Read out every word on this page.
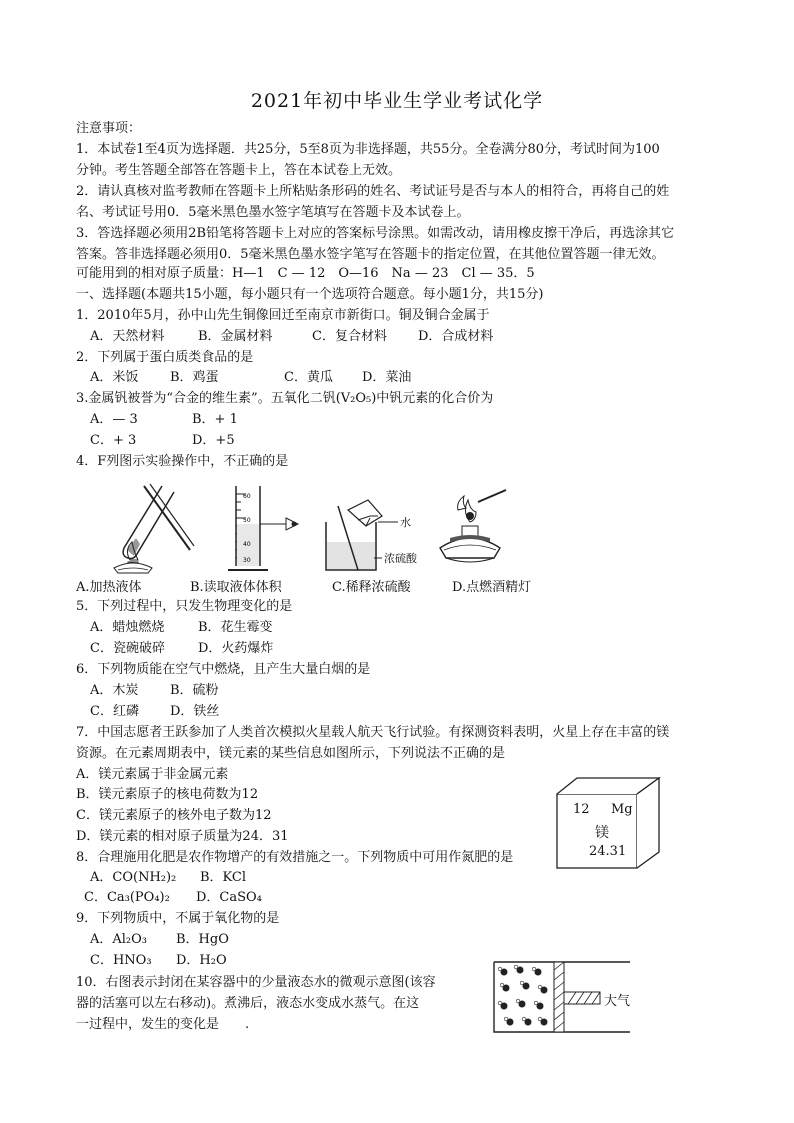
2021年初中毕业生学业考试化学
注意事项：
1．本试卷1至4页为选择题．共25分，5至8页为非选择题，共55分。全卷满分80分，考试时间为100
分钟。考生答题全部答在答题卡上，答在本试卷上无效。
2．请认真核对监考教师在答题卡上所粘贴条形码的姓名、考试证号是否与本人的相符合，再将自己的姓
名、考试证号用0．5毫米黑色墨水签字笔填写在答题卡及本试卷上。
3．答选择题必须用2B铅笔将答题卡上对应的答案标号涂黑。如需改动，请用橡皮擦干净后，再选涂其它
答案。答非选择题必须用0．5毫米黑色墨水签字笔写在答题卡的指定位置，在其他位置答题一律无效。
可能用到的相对原子质量：H—1　C — 12　O—16　Na — 23　Cl — 35．5
一、选择题(本题共15小题，每小题只有一个选项符合题意。每小题1分，共15分)
1．2010年5月，孙中山先生铜像回迁至南京市新街口。铜及铜合金属于
A．天然材料	B．金属材料	C．复合材料 D．合成材料
2．下列属于蛋白质类食品的是
A．米饭 B．鸡蛋	C．黄瓜 D．菜油
3.金属钒被誉为“合金的维生素”。五氧化二钒(V₂O₅)中钒元素的化合价为
A．— 3	B．+ 1
C．+ 3	D．+5
4．F列图示实验操作中，不正确的是
A.加热液体
60
50
40
30
B.读取液体体积
水
浓硫酸
C.稀释浓硫酸	D.点燃酒精灯
5．下列过程中，只发生物理变化的是
A．蜡烛燃烧	B．花生霉变
C．瓷碗破碎	D．火药爆炸
6．下列物质能在空气中燃烧，且产生大量白烟的是
A．木炭 B．硫粉
C．红磷 D．铁丝
7．中国志愿者王跃参加了人类首次模拟火星载人航天飞行试验。有探测资料表明，火星上存在丰富的镁
资源。在元素周期表中，镁元素的某些信息如图所示，下列说法不正确的是
A．镁元素属于非金属元素
B．镁元素原子的核电荷数为12
C．镁元素原子的核外电子数为12
D．镁元素的相对原子质量为24．31
12 Mg
镁
24.31
8．合理施用化肥是农作物增产的有效措施之一。下列物质中可用作氮肥的是
A．CO(NH₂)₂ B．KCl
C．Ca₃(PO₄)₂ D．CaSO₄
9．下列物质中，不属于氧化物的是
A．Al₂O₃ B．HgO
C．HNO₃ D．H₂O
10．右图表示封闭在某容器中的少量液态水的微观示意图(该容
器的活塞可以左右移动)。煮沸后，液态水变成水蒸气。在这
一过程中，发生的变化是　　.
大气
